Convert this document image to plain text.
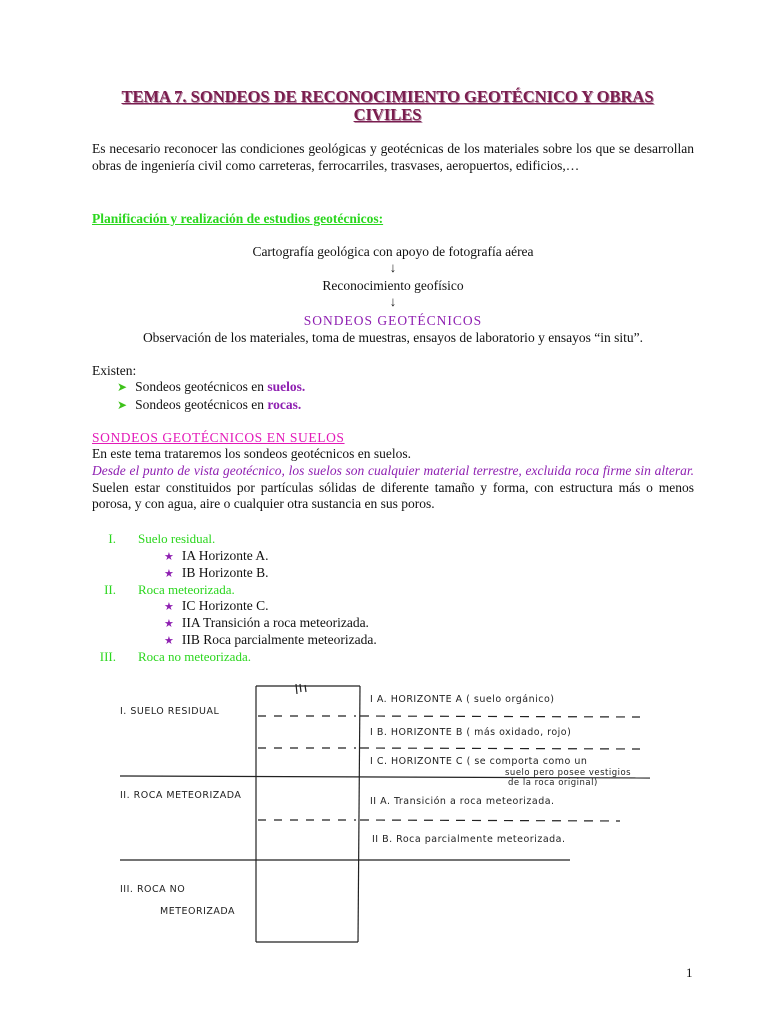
TEMA 7. SONDEOS DE RECONOCIMIENTO GEOTÉCNICO Y OBRAS
CIVILES
Es necesario reconocer las condiciones geológicas y geotécnicas de los materiales sobre los que se desarrollan obras de ingeniería civil como carreteras, ferrocarriles, trasvases, aeropuertos, edificios,…
Planificación y realización de estudios geotécnicos:
Cartografía geológica con apoyo de fotografía aérea
↓
Reconocimiento geofísico
↓
SONDEOS GEOTÉCNICOS
Observación de los materiales, toma de muestras, ensayos de laboratorio y ensayos “in situ”.
Existen:
➤ Sondeos geotécnicos en suelos.
➤ Sondeos geotécnicos en rocas.
SONDEOS GEOTÉCNICOS EN SUELOS
En este tema trataremos los sondeos geotécnicos en suelos.
Desde el punto de vista geotécnico, los suelos son cualquier material terrestre, excluida roca firme sin alterar. Suelen estar constituidos por partículas sólidas de diferente tamaño y forma, con estructura más o menos porosa, y con agua, aire o cualquier otra sustancia en sus poros.
I. Suelo residual.
★ IA Horizonte A.
★ IB Horizonte B.
II. Roca meteorizada.
★ IC Horizonte C.
★ IIA Transición a roca meteorizada.
★ IIB Roca parcialmente meteorizada.
III. Roca no meteorizada.
I. SUELO RESIDUAL
II. ROCA METEORIZADA
III. ROCA NO
METEORIZADA
I A. HORIZONTE A ( suelo orgánico)
I B. HORIZONTE B ( más oxidado, rojo)
I C. HORIZONTE C ( se comporta como un
suelo pero posee vestigios
de la roca original)
II A. Transición a roca meteorizada.
II B. Roca parcialmente meteorizada.
1
